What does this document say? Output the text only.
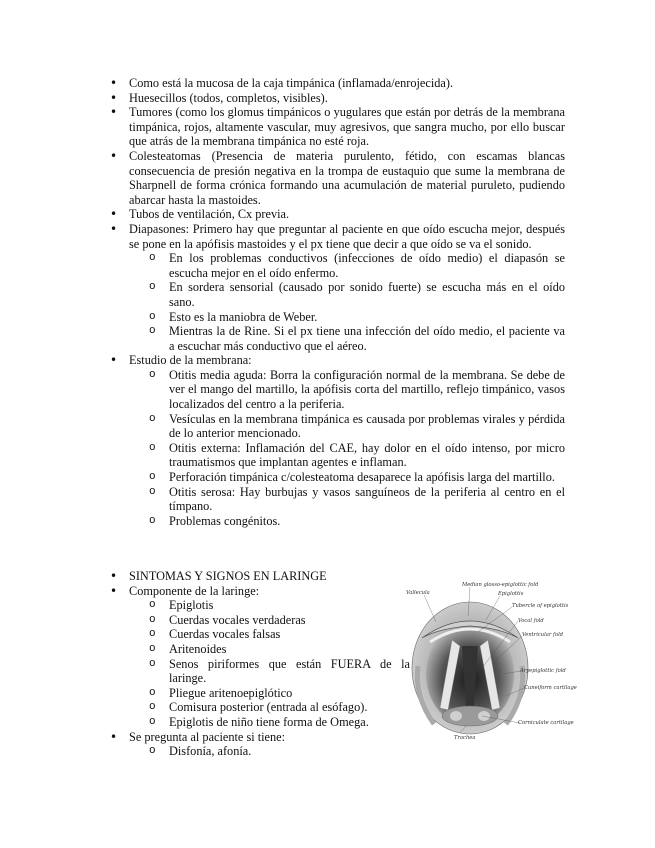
• Como está la mucosa de la caja timpánica (inflamada/enrojecida).
• Huesecillos (todos, completos, visibles).
• Tumores (como los glomus timpánicos o yugulares que están por detrás de la membrana timpánica, rojos, altamente vascular, muy agresivos, que sangra mucho, por ello buscar que atrás de la membrana timpánica no esté roja.
• Colesteatomas (Presencia de materia purulento, fétido, con escamas blancas consecuencia de presión negativa en la trompa de eustaquio que sume la membrana de Sharpnell de forma crónica formando una acumulación de material puruleto, pudiendo abarcar hasta la mastoides.
• Tubos de ventilación, Cx previa.
• Diapasones: Primero hay que preguntar al paciente en que oído escucha mejor, después se pone en la apófisis mastoides y el px tiene que decir a que oído se va el sonido.
o En los problemas conductivos (infecciones de oído medio) el diapasón se escucha mejor en el oído enfermo.
o En sordera sensorial (causado por sonido fuerte) se escucha más en el oído sano.
o Esto es la maniobra de Weber.
o Mientras la de Rine. Si el px tiene una infección del oído medio, el paciente va a escuchar más conductivo que el aéreo.
• Estudio de la membrana:
o Otitis media aguda: Borra la configuración normal de la membrana. Se debe de ver el mango del martillo, la apófisis corta del martillo, reflejo timpánico, vasos localizados del centro a la periferia.
o Vesículas en la membrana timpánica es causada por problemas virales y pérdida de lo anterior mencionado.
o Otitis externa: Inflamación del CAE, hay dolor en el oído intenso, por micro traumatismos que implantan agentes e inflaman.
o Perforación timpánica c/colesteatoma desaparece la apófisis larga del martillo.
o Otitis serosa: Hay burbujas y vasos sanguíneos de la periferia al centro en el tímpano.
o Problemas congénitos.
• SINTOMAS Y SIGNOS EN LARINGE
• Componente de la laringe:
o Epiglotis
o Cuerdas vocales verdaderas
o Cuerdas vocales falsas
o Aritenoides
o Senos piriformes que están FUERA de la laringe.
o Pliegue aritenoepiglótico
o Comisura posterior (entrada al esófago).
o Epiglotis de niño tiene forma de Omega.
• Se pregunta al paciente si tiene:
o Disfonía, afonía.
Median glosso-epiglottic fold
Vallecula	Epiglottis
Tubercle of epiglottis
Vocal fold
Ventricular fold
Aryepiglottic fold
Cuneiform cartilage
Corniculate cartilage
Trachea
